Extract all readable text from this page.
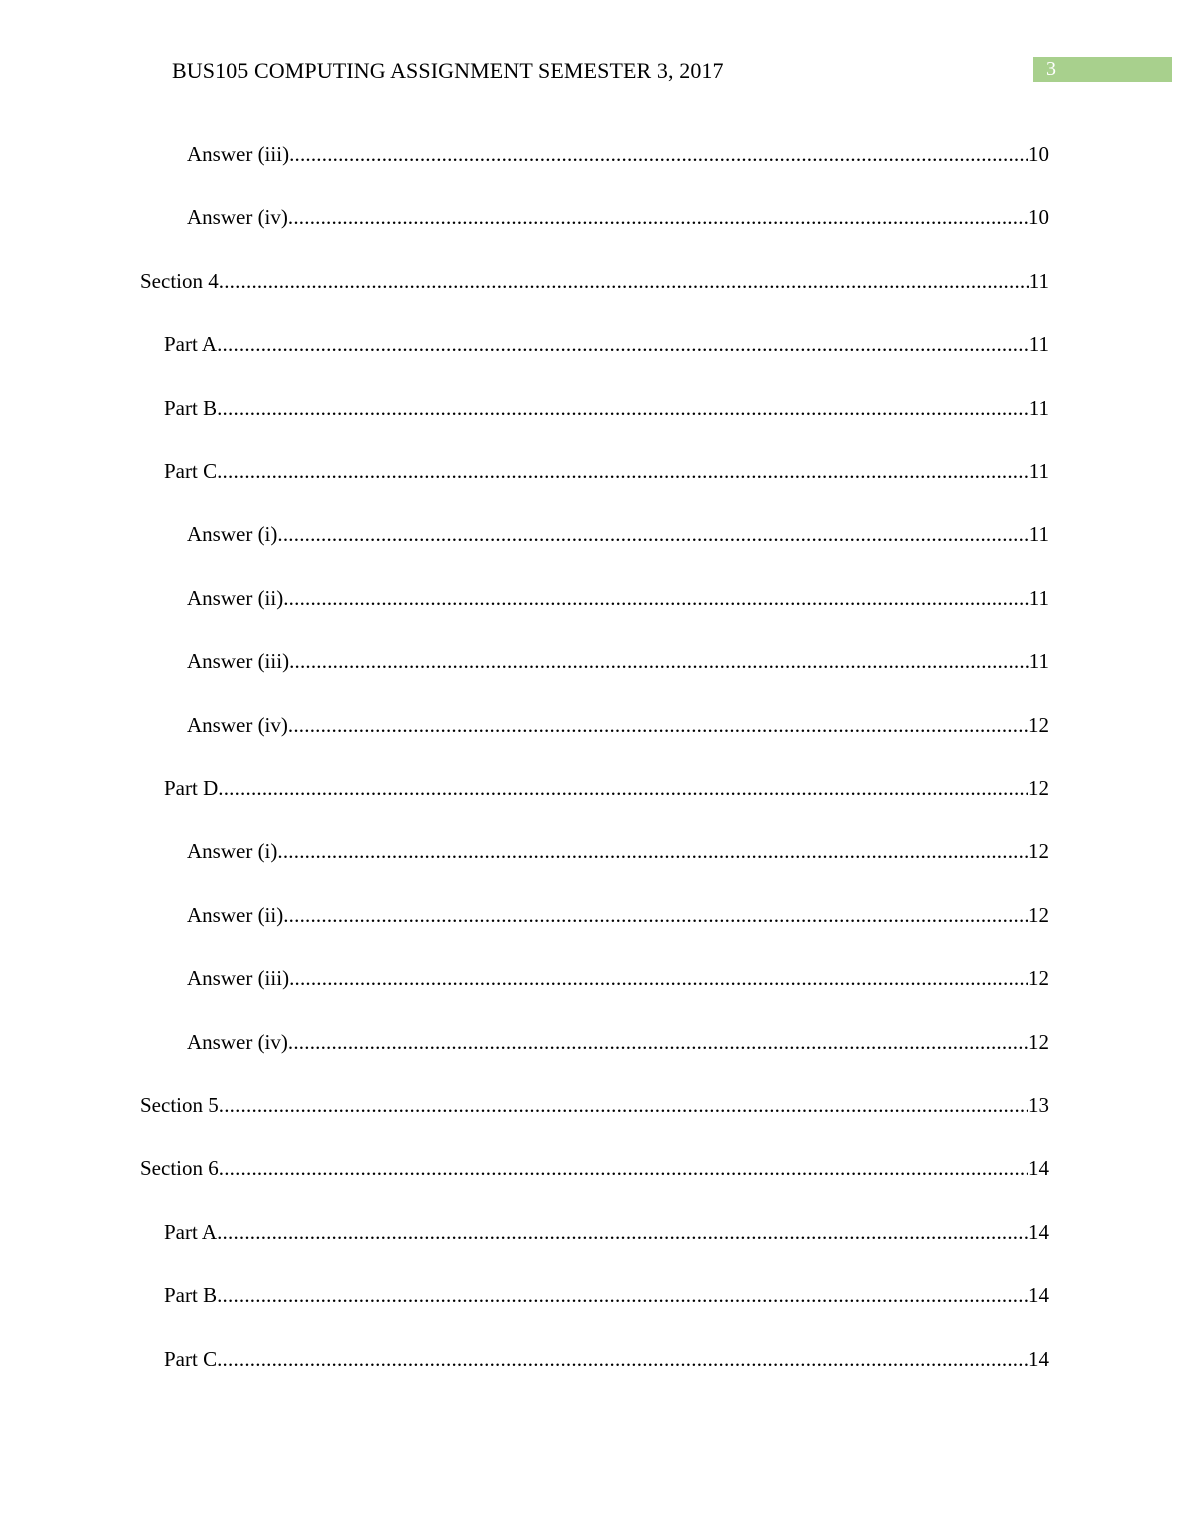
BUS105 COMPUTING ASSIGNMENT SEMESTER 3, 2017	3
Answer (iii) .....	10
Answer (iv) .....	10
Section 4 .....	11
Part A .....	11
Part B .....	11
Part C .....	11
Answer (i) .....	11
Answer (ii) .....	11
Answer (iii) .....	11
Answer (iv) .....	12
Part D .....	12
Answer (i) .....	12
Answer (ii) .....	12
Answer (iii) .....	12
Answer (iv) .....	12
Section 5 .....	13
Section 6 .....	14
Part A .....	14
Part B .....	14
Part C .....	14
